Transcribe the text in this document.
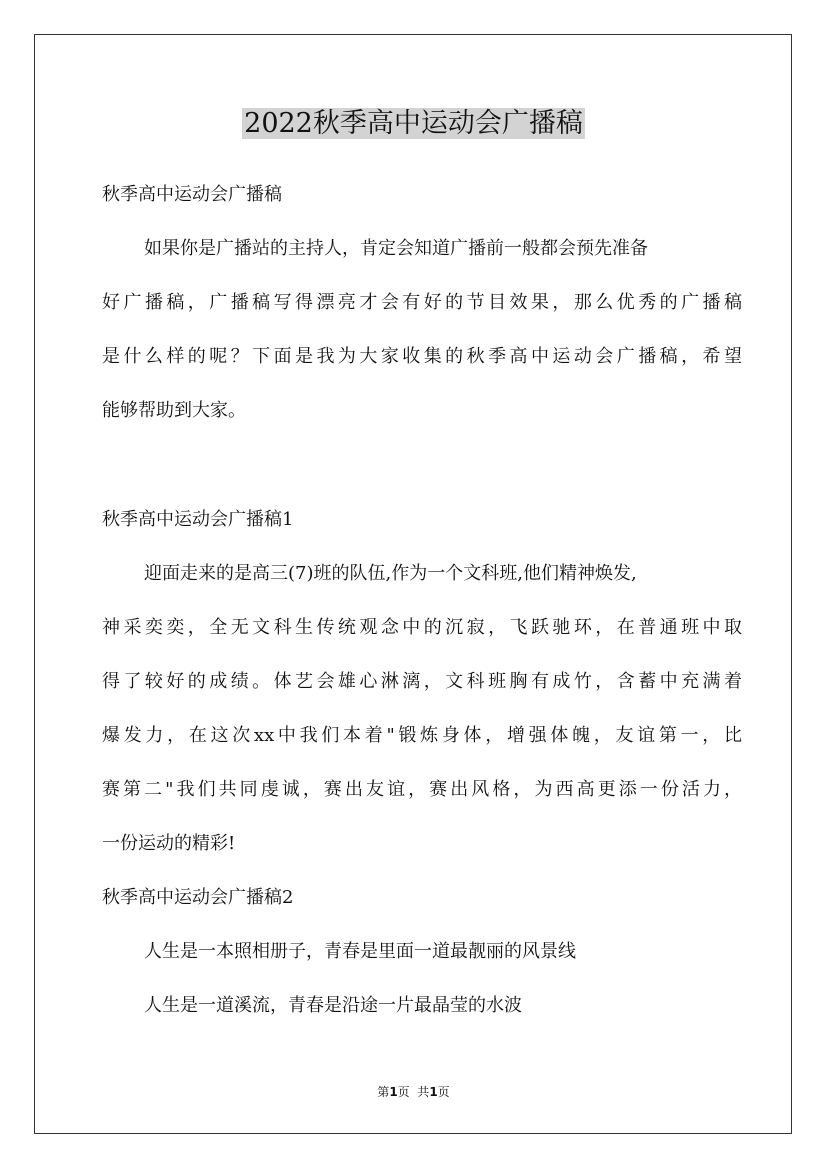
2022秋季高中运动会广播稿

秋季高中运动会广播稿

如果你是广播站的主持人，肯定会知道广播前一般都会预先准备

好广播稿，广播稿写得漂亮才会有好的节目效果，那么优秀的广播稿

是什么样的呢？下面是我为大家收集的秋季高中运动会广播稿，希望

能够帮助到大家。

秋季高中运动会广播稿1

迎面走来的是高三(7)班的队伍,作为一个文科班,他们精神焕发,

神采奕奕，全无文科生传统观念中的沉寂，飞跃驰环，在普通班中取

得了较好的成绩。体艺会雄心淋漓，文科班胸有成竹，含蓄中充满着

爆发力，在这次xx中我们本着"锻炼身体，增强体魄，友谊第一，比

赛第二"我们共同虔诚，赛出友谊，赛出风格，为西高更添一份活力，

一份运动的精彩!

秋季高中运动会广播稿2

人生是一本照相册子，青春是里面一道最靓丽的风景线

人生是一道溪流，青春是沿途一片最晶莹的水波

第1页  共1页
